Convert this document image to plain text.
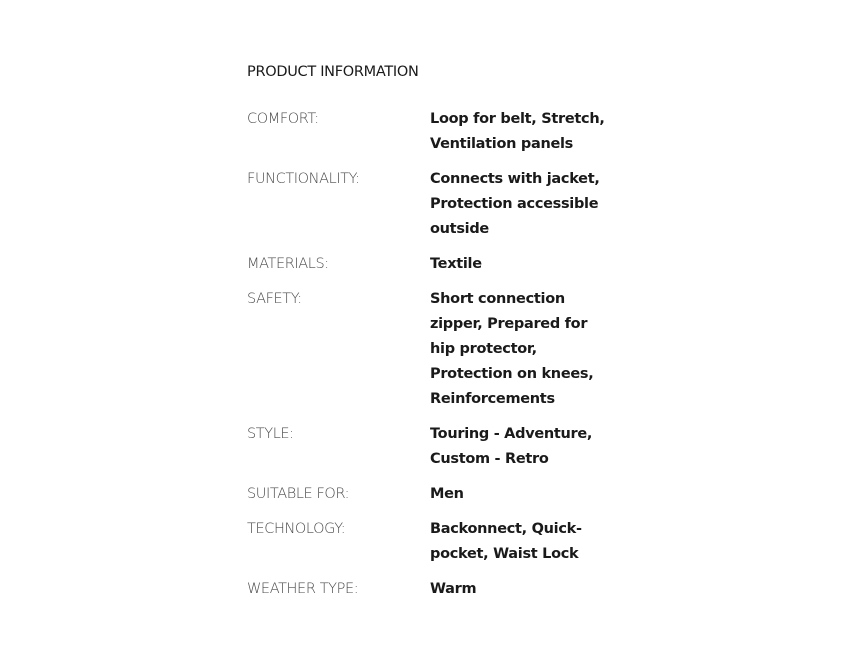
PRODUCT INFORMATION
COMFORT:	Loop for belt, Stretch, Ventilation panels
FUNCTIONALITY:	Connects with jacket, Protection accessible outside
MATERIALS:	Textile
SAFETY:	Short connection zipper, Prepared for hip protector, Protection on knees, Reinforcements
STYLE:	Touring - Adventure, Custom - Retro
SUITABLE FOR:	Men
TECHNOLOGY:	Backonnect, Quick-pocket, Waist Lock
WEATHER TYPE:	Warm
